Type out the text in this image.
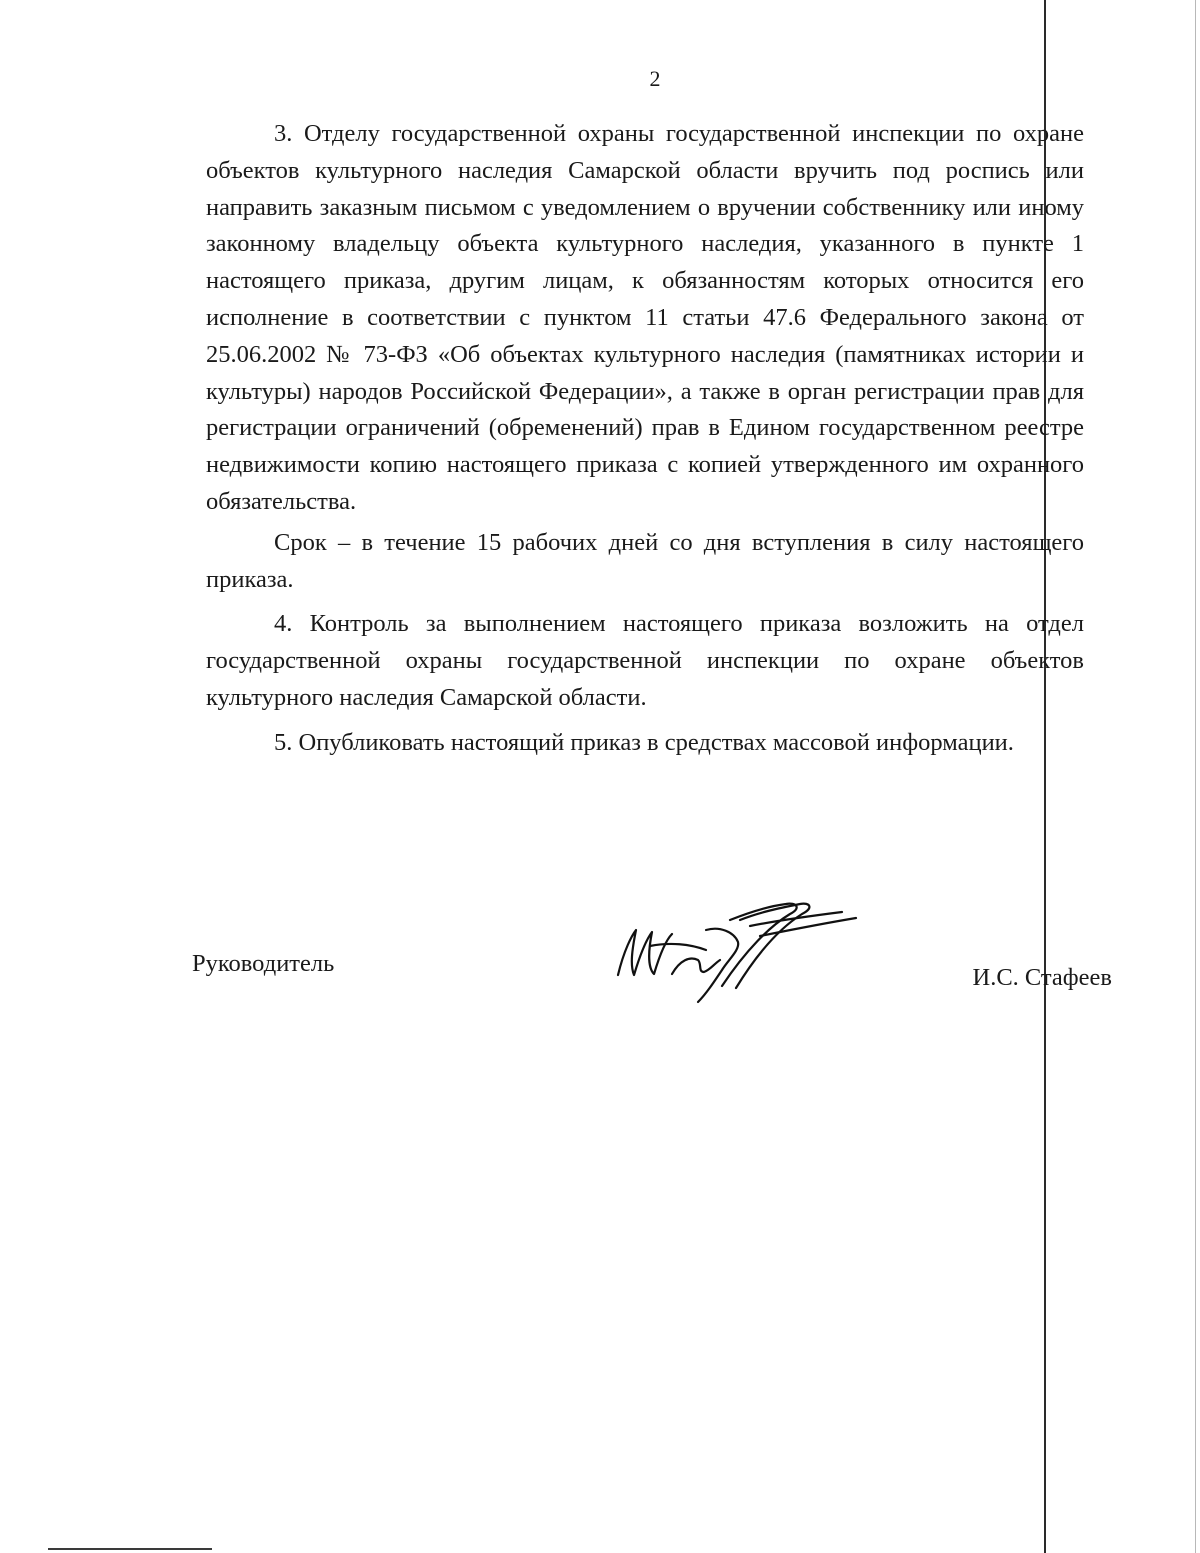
2

3. Отделу государственной охраны государственной инспекции по охране объектов культурного наследия Самарской области вручить под роспись или направить заказным письмом с уведомлением о вручении собственнику или иному законному владельцу объекта культурного наследия, указанного в пункте 1 настоящего приказа, другим лицам, к обязанностям которых относится его исполнение в соответствии с пунктом 11 статьи 47.6 Федерального закона от 25.06.2002 № 73-ФЗ «Об объектах культурного наследия (памятниках истории и культуры) народов Российской Федерации», а также в орган регистрации прав для регистрации ограничений (обременений) прав в Едином государственном реестре недвижимости копию настоящего приказа с копией утвержденного им охранного обязательства.

Срок – в течение 15 рабочих дней со дня вступления в силу настоящего приказа.

4. Контроль за выполнением настоящего приказа возложить на отдел государственной охраны государственной инспекции по охране объектов культурного наследия Самарской области.

5. Опубликовать настоящий приказ в средствах массовой информации.

Руководитель
И.С. Стафеев
